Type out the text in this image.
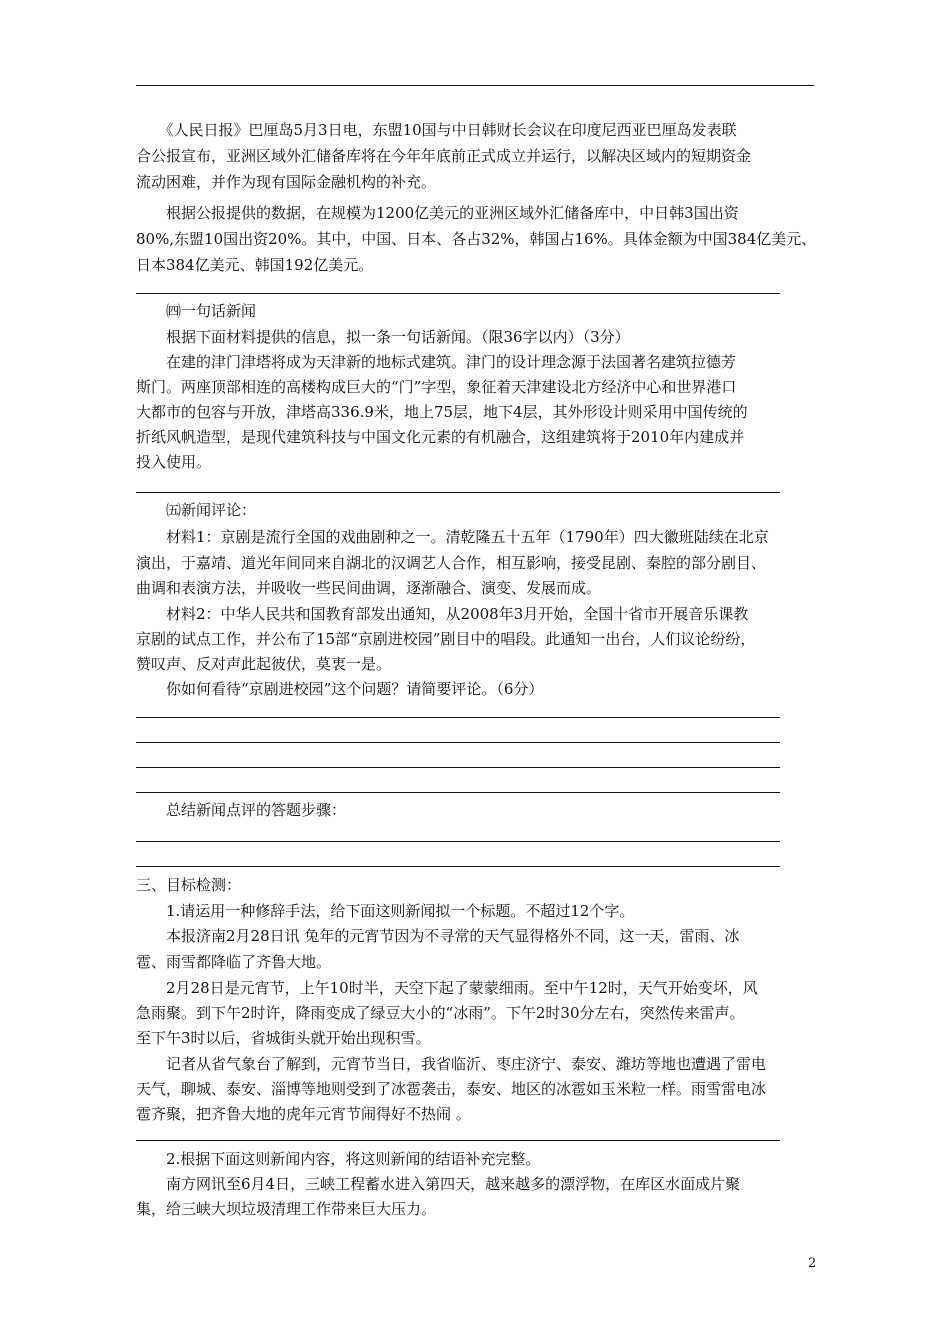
　　《人民日报》巴厘岛5月3日电，东盟10国与中日韩财长会议在印度尼西亚巴厘岛发表联
合公报宣布，亚洲区域外汇储备库将在今年年底前正式成立并运行，以解决区域内的短期资金
流动困难，并作为现有国际金融机构的补充。
　　根据公报提供的数据，在规模为1200亿美元的亚洲区域外汇储备库中，中日韩3国出资
80%,东盟10国出资20%。其中，中国、日本、各占32%，韩国占16%。具体金额为中国384亿美元、
日本384亿美元、韩国192亿美元。
　　㈣一句话新闻
　　根据下面材料提供的信息，拟一条一句话新闻。（限36字以内）（3分）
　　在建的津门津塔将成为天津新的地标式建筑。津门的设计理念源于法国著名建筑拉德芳
斯门。两座顶部相连的高楼构成巨大的“门”字型，象征着天津建设北方经济中心和世界港口
大都市的包容与开放，津塔高336.9米，地上75层，地下4层，其外形设计则采用中国传统的
折纸风帆造型，是现代建筑科技与中国文化元素的有机融合，这组建筑将于2010年内建成并
投入使用。
　　㈤新闻评论：
　　材料1：京剧是流行全国的戏曲剧种之一。清乾隆五十五年（1790年）四大徽班陆续在北京
演出，于嘉靖、道光年间同来自湖北的汉调艺人合作，相互影响，接受昆剧、秦腔的部分剧目、
曲调和表演方法，并吸收一些民间曲调，逐渐融合、演变、发展而成。
　　材料2：中华人民共和国教育部发出通知，从2008年3月开始，全国十省市开展音乐课教
京剧的试点工作，并公布了15部“京剧进校园”剧目中的唱段。此通知一出台，人们议论纷纷，
赞叹声、反对声此起彼伏，莫衷一是。
　　你如何看待“京剧进校园”这个问题？请简要评论。（6分）
　　总结新闻点评的答题步骤：
三、目标检测：
　　1.请运用一种修辞手法，给下面这则新闻拟一个标题。不超过12个字。
　　本报济南2月28日讯 兔年的元宵节因为不寻常的天气显得格外不同，这一天，雷雨、冰
雹、雨雪都降临了齐鲁大地。
　　2月28日是元宵节，上午10时半，天空下起了蒙蒙细雨。至中午12时，天气开始变坏，风
急雨聚。到下午2时许，降雨变成了绿豆大小的“冰雨”。下午2时30分左右，突然传来雷声。
至下午3时以后，省城街头就开始出现积雪。
　　记者从省气象台了解到，元宵节当日，我省临沂、枣庄济宁、泰安、潍坊等地也遭遇了雷电
天气，聊城、泰安、淄博等地则受到了冰雹袭击，泰安、地区的冰雹如玉米粒一样。雨雪雷电冰
雹齐聚，把齐鲁大地的虎年元宵节闹得好不热闹 。
　　2.根据下面这则新闻内容，将这则新闻的结语补充完整。
　　南方网讯至6月4日，三峡工程蓄水进入第四天，越来越多的漂浮物，在库区水面成片聚
集，给三峡大坝垃圾清理工作带来巨大压力。
2
